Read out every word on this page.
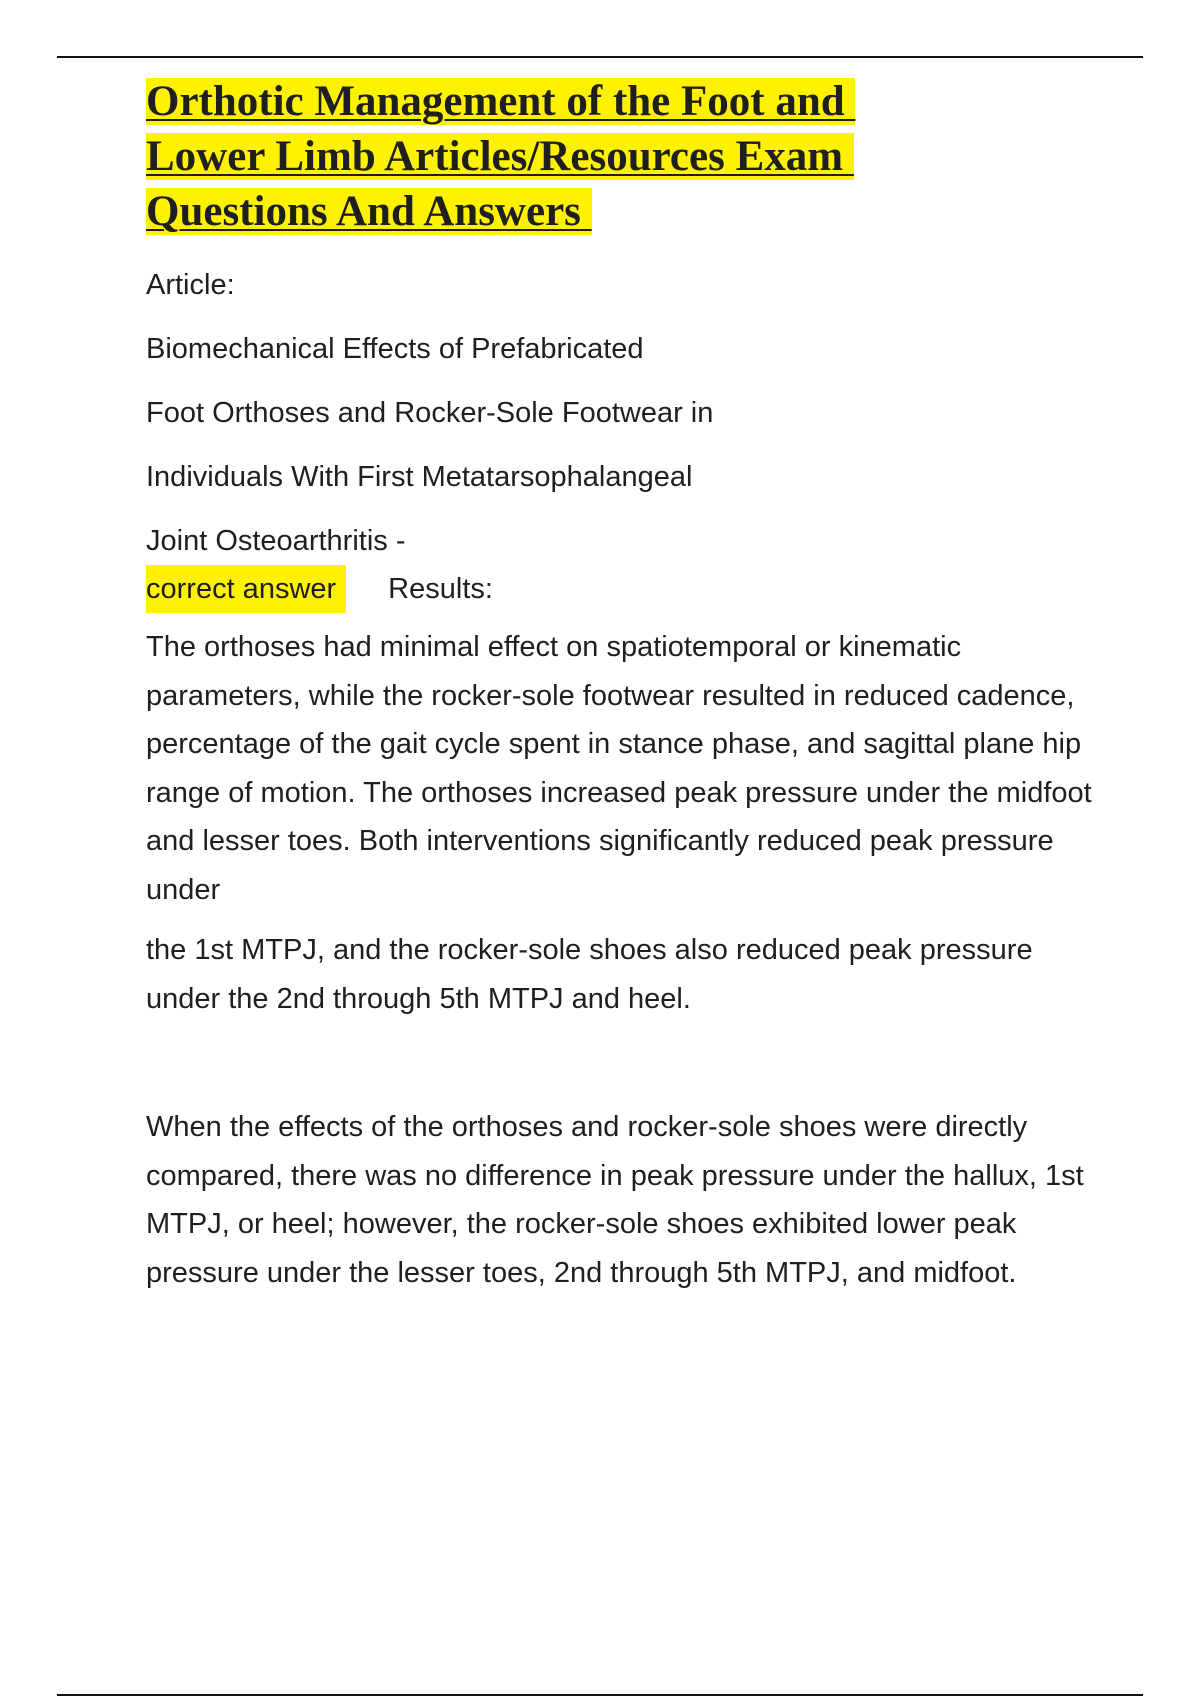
Orthotic Management of the Foot and
Lower Limb Articles/Resources Exam
Questions And Answers

Article:

Biomechanical Effects of Prefabricated

Foot Orthoses and Rocker-Sole Footwear in

Individuals With First Metatarsophalangeal

Joint Osteoarthritis -

correct answer	Results:

The orthoses had minimal effect on spatiotemporal or kinematic parameters, while the rocker-sole footwear resulted in reduced cadence, percentage of the gait cycle spent in stance phase, and sagittal plane hip range of motion. The orthoses increased peak pressure under the midfoot and lesser toes. Both interventions significantly reduced peak pressure under

the 1st MTPJ, and the rocker-sole shoes also reduced peak pressure under the 2nd through 5th MTPJ and heel.

When the effects of the orthoses and rocker-sole shoes were directly compared, there was no difference in peak pressure under the hallux, 1st MTPJ, or heel; however, the rocker-sole shoes exhibited lower peak pressure under the lesser toes, 2nd through 5th MTPJ, and midfoot.
